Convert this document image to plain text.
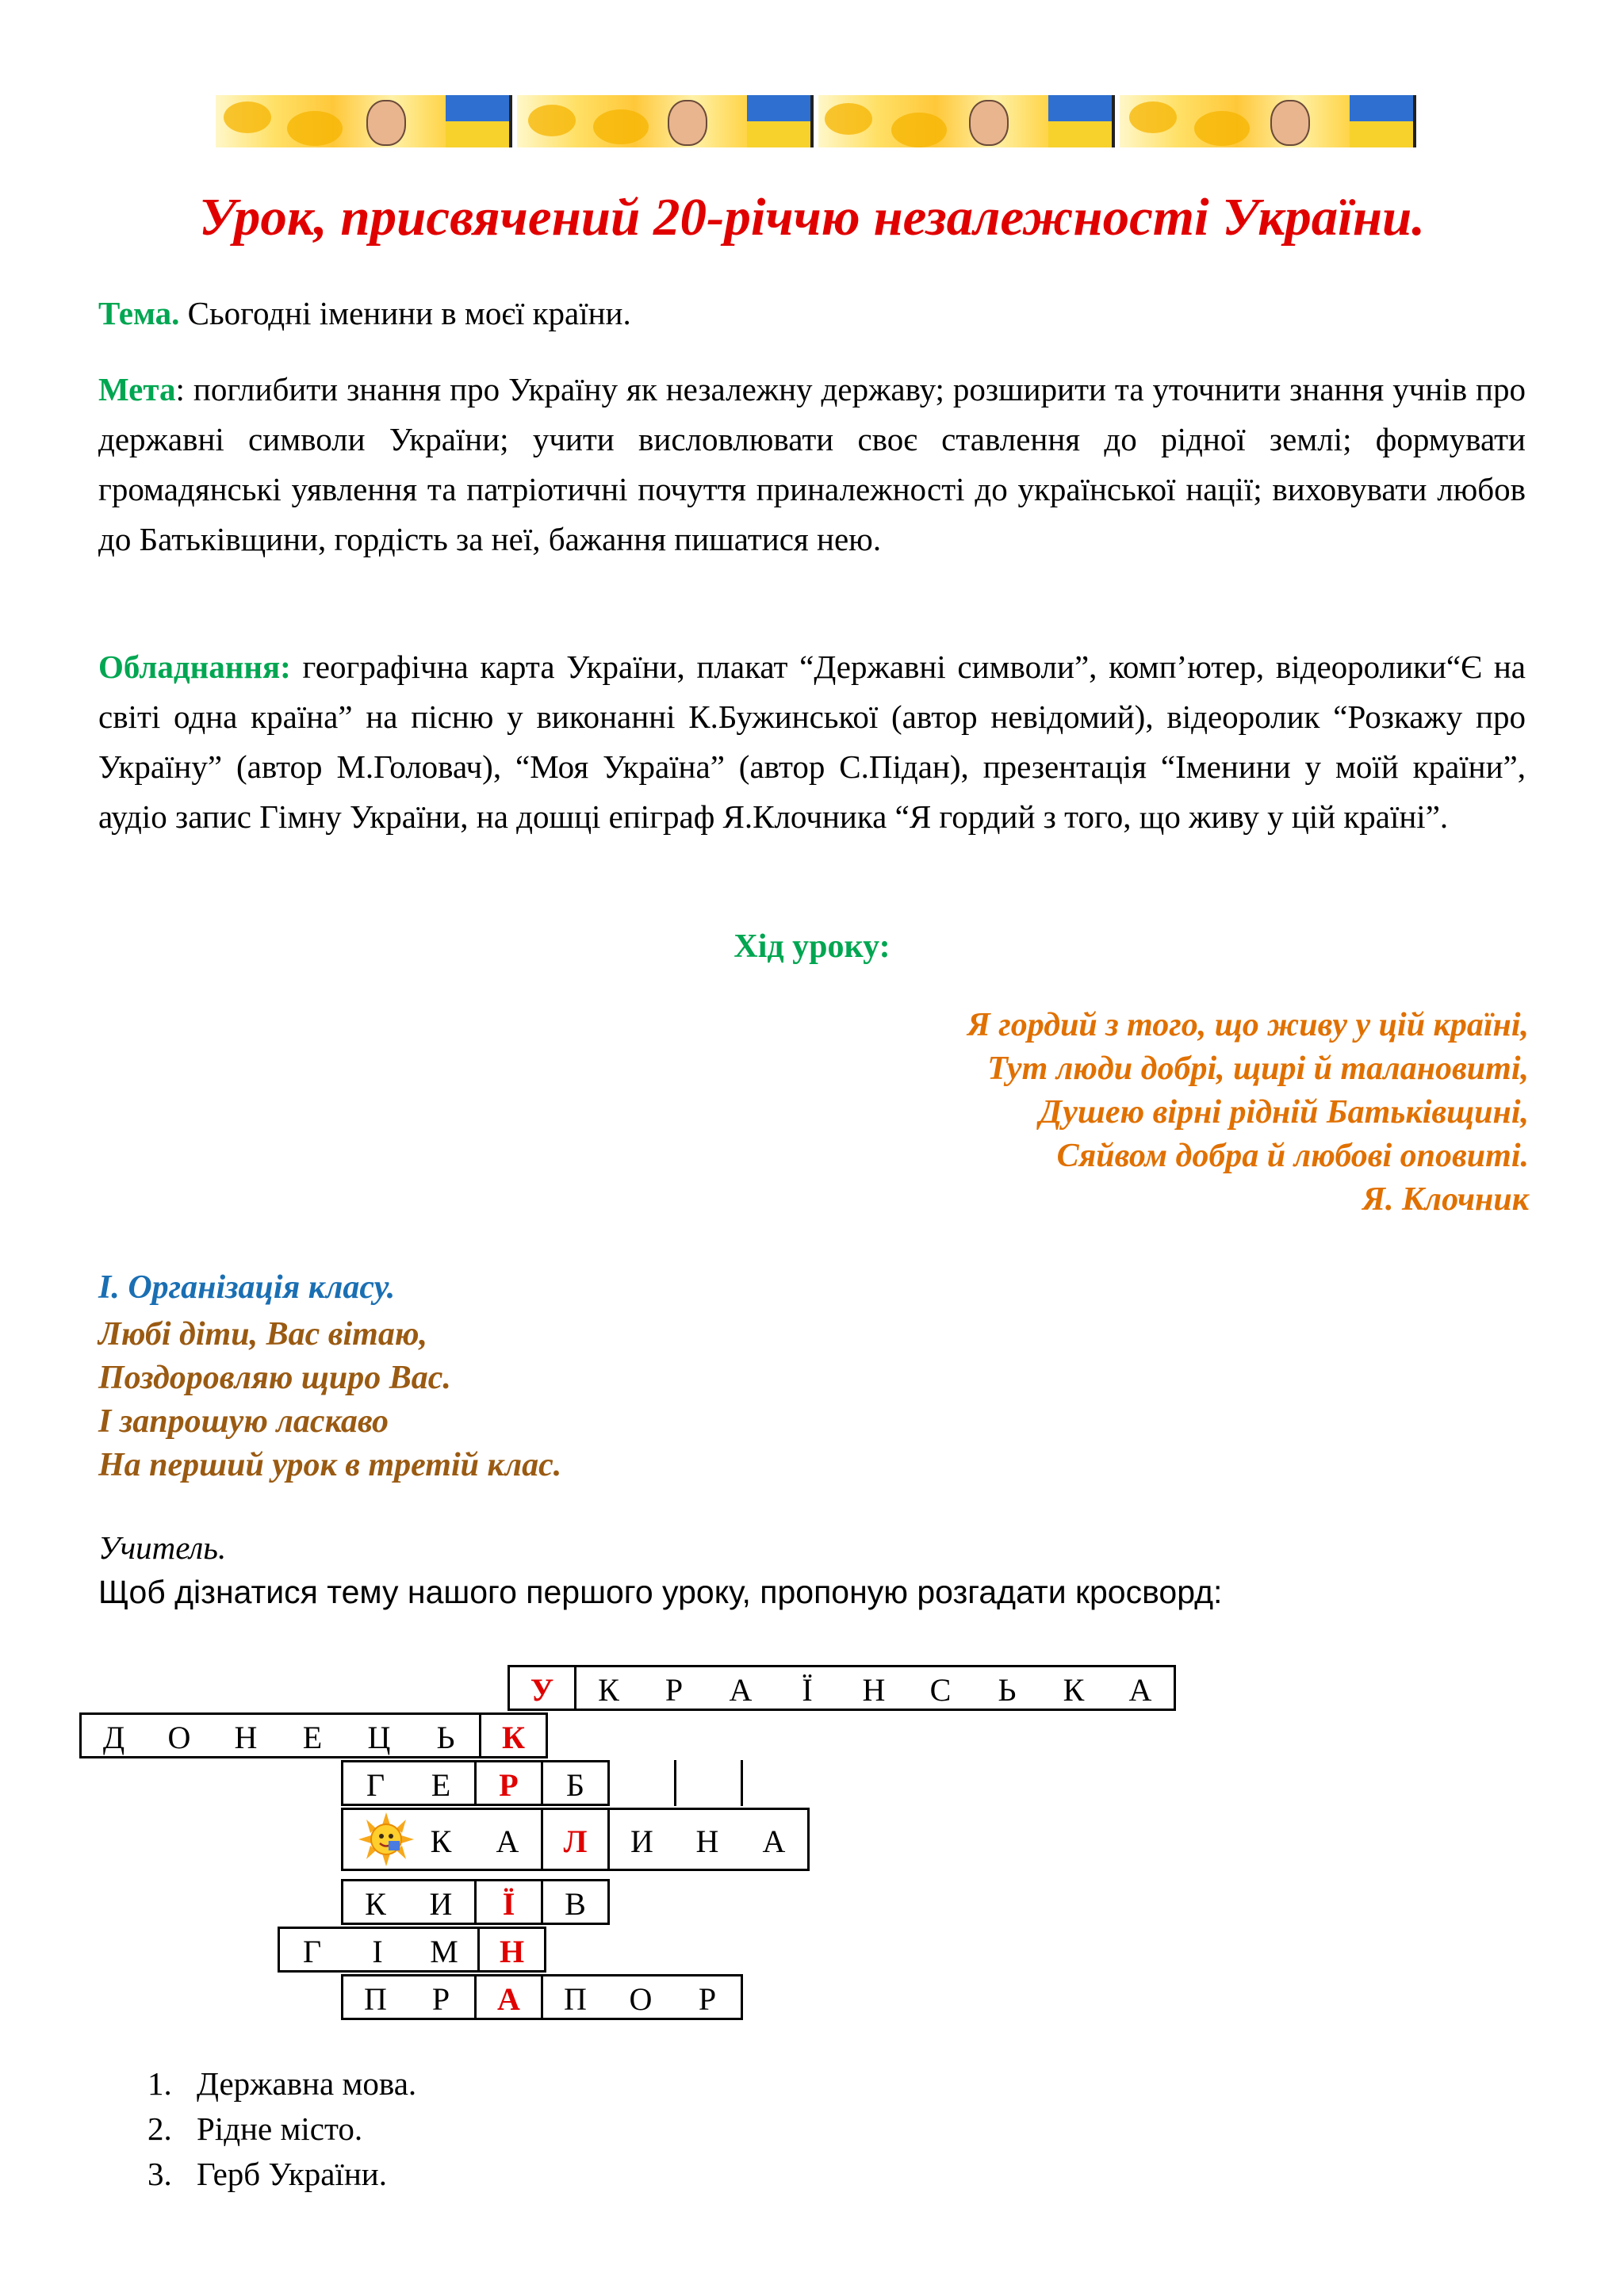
Урок, присвячений 20-річчю незалежності України.
Тема. Сьогодні іменини в моєї країни.
Мета: поглибити знання про Україну як незалежну державу; розширити та уточнити знання учнів про державні символи України; учити висловлювати своє ставлення до рідної землі; формувати громадянські уявлення та патріотичні почуття приналежності до української нації; виховувати любов до Батьківщини, гордість за неї, бажання пишатися нею.
Обладнання: географічна карта України, плакат “Державні символи”, комп’ютер, відеоролики“Є на світі одна країна” на пісню у виконанні К.Бужинської (автор невідомий), відеоролик “Розкажу про Україну” (автор М.Головач), “Моя Україна” (автор С.Підан), презентація “Іменини у моїй країни”, аудіо запис Гімну України, на дошці епіграф Я.Клочника “Я гордий з того, що живу у цій країні”.
Хід уроку:
Я гордий з того, що живу у цій країні,
Тут люди добрі, щирі й талановиті,
Душею вірні рідній Батьківщині,
Сяйвом добра й любові оповиті.
Я. Клочник
І. Організація класу.
Любі діти, Вас вітаю,
Поздоровляю щиро Вас.
І запрошую ласкаво
На перший урок в третій клас.
Учитель.
Щоб дізнатися тему нашого першого уроку, пропоную розгадати кросворд:
У	К	Р	А	Ї	Н	С	Ь	К	А
Д	О	Н	Е	Ц	Ь	К
Г	Е	Р	Б
К	А	Л	И	Н	А
К	И	Ї	В
Г	І	М	Н
П	Р	А	П	О	Р
1. Державна мова.
2. Рідне місто.
3. Герб України.
